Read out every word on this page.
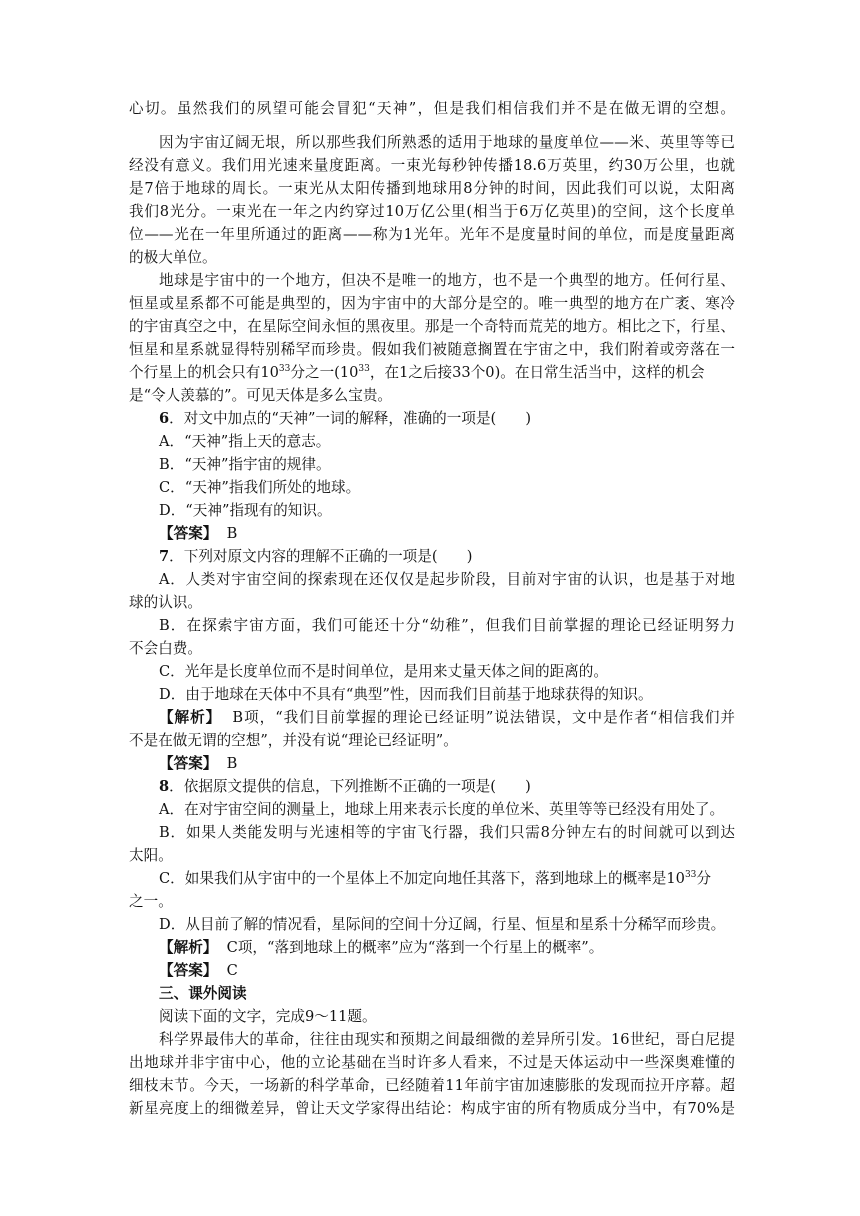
心切。虽然我们的夙望可能会冒犯“天神”，但是我们相信我们并不是在做无谓的空想。
因为宇宙辽阔无垠，所以那些我们所熟悉的适用于地球的量度单位——米、英里等等已
经没有意义。我们用光速来量度距离。一束光每秒钟传播18.6万英里，约30万公里，也就
是7倍于地球的周长。一束光从太阳传播到地球用8分钟的时间，因此我们可以说，太阳离
我们8光分。一束光在一年之内约穿过10万亿公里(相当于6万亿英里)的空间，这个长度单
位——光在一年里所通过的距离——称为1光年。光年不是度量时间的单位，而是度量距离
的极大单位。
地球是宇宙中的一个地方，但决不是唯一的地方，也不是一个典型的地方。任何行星、
恒星或星系都不可能是典型的，因为宇宙中的大部分是空的。唯一典型的地方在广袤、寒冷
的宇宙真空之中，在星际空间永恒的黑夜里。那是一个奇特而荒芜的地方。相比之下，行星、
恒星和星系就显得特别稀罕而珍贵。假如我们被随意搁置在宇宙之中，我们附着或旁落在一
个行星上的机会只有$10^{33}$分之一($10^{33}$，在1之后接33个0)。在日常生活当中，这样的机会
是“令人羡慕的”。可见天体是多么宝贵。
6．对文中加点的“天神”一词的解释，准确的一项是(　　)
A．“天神”指上天的意志。
B．“天神”指宇宙的规律。
C．“天神”指我们所处的地球。
D．“天神”指现有的知识。
【答案】 B
7．下列对原文内容的理解不正确的一项是(　　)
A．人类对宇宙空间的探索现在还仅仅是起步阶段，目前对宇宙的认识，也是基于对地
球的认识。
B．在探索宇宙方面，我们可能还十分“幼稚”，但我们目前掌握的理论已经证明努力
不会白费。
C．光年是长度单位而不是时间单位，是用来丈量天体之间的距离的。
D．由于地球在天体中不具有“典型”性，因而我们目前基于地球获得的知识。
【解析】 B项，“我们目前掌握的理论已经证明”说法错误，文中是作者“相信我们并
不是在做无谓的空想”，并没有说“理论已经证明”。
【答案】 B
8．依据原文提供的信息，下列推断不正确的一项是(　　)
A．在对宇宙空间的测量上，地球上用来表示长度的单位米、英里等等已经没有用处了。
B．如果人类能发明与光速相等的宇宙飞行器，我们只需8分钟左右的时间就可以到达
太阳。
C．如果我们从宇宙中的一个星体上不加定向地任其落下，落到地球上的概率是$10^{33}$分
之一。
D．从目前了解的情况看，星际间的空间十分辽阔，行星、恒星和星系十分稀罕而珍贵。
【解析】 C项，“落到地球上的概率”应为“落到一个行星上的概率”。
【答案】 C
三、课外阅读
阅读下面的文字，完成9～11题。
科学界最伟大的革命，往往由现实和预期之间最细微的差异所引发。16世纪，哥白尼提
出地球并非宇宙中心，他的立论基础在当时许多人看来，不过是天体运动中一些深奥难懂的
细枝末节。今天，一场新的科学革命，已经随着11年前宇宙加速膨胀的发现而拉开序幕。超
新星亮度上的细微差异，曾让天文学家得出结论：构成宇宙的所有物质成分当中，有70%是
